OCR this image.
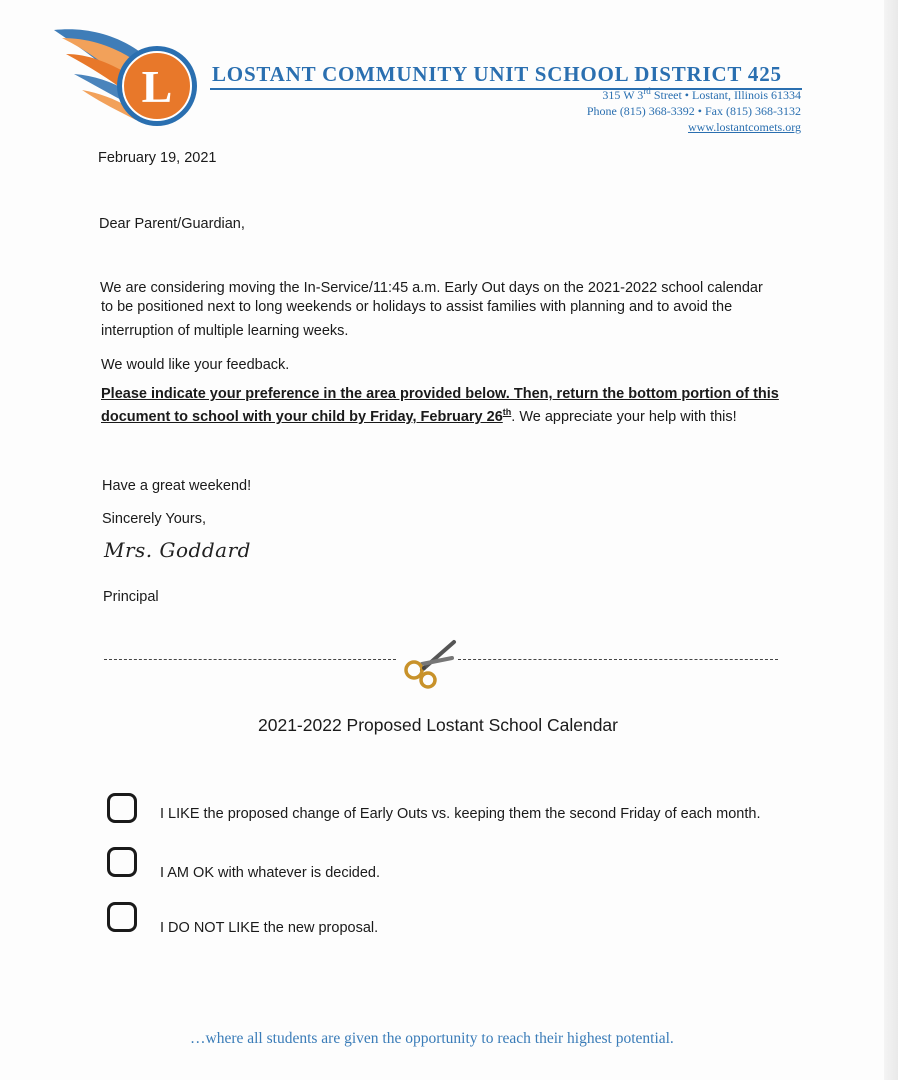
L LOSTANT COMMUNITY UNIT SCHOOL DISTRICT 425
315 W 3rd Street • Lostant, Illinois 61334
Phone (815) 368-3392 • Fax (815) 368-3132
www.lostantcomets.org
February 19, 2021
Dear Parent/Guardian,
We are considering moving the In-Service/11:45 a.m. Early Out days on the 2021-2022 school calendar
to be positioned next to long weekends or holidays to assist families with planning and to avoid the
interruption of multiple learning weeks.
We would like your feedback.
Please indicate your preference in the area provided below. Then, return the bottom portion of this
document to school with your child by Friday, February 26th. We appreciate your help with this!
Have a great weekend!
Sincerely Yours,
Mrs. Goddard
Principal
2021-2022 Proposed Lostant School Calendar
I LIKE the proposed change of Early Outs vs. keeping them the second Friday of each month.
I AM OK with whatever is decided.
I DO NOT LIKE the new proposal.
…where all students are given the opportunity to reach their highest potential.
